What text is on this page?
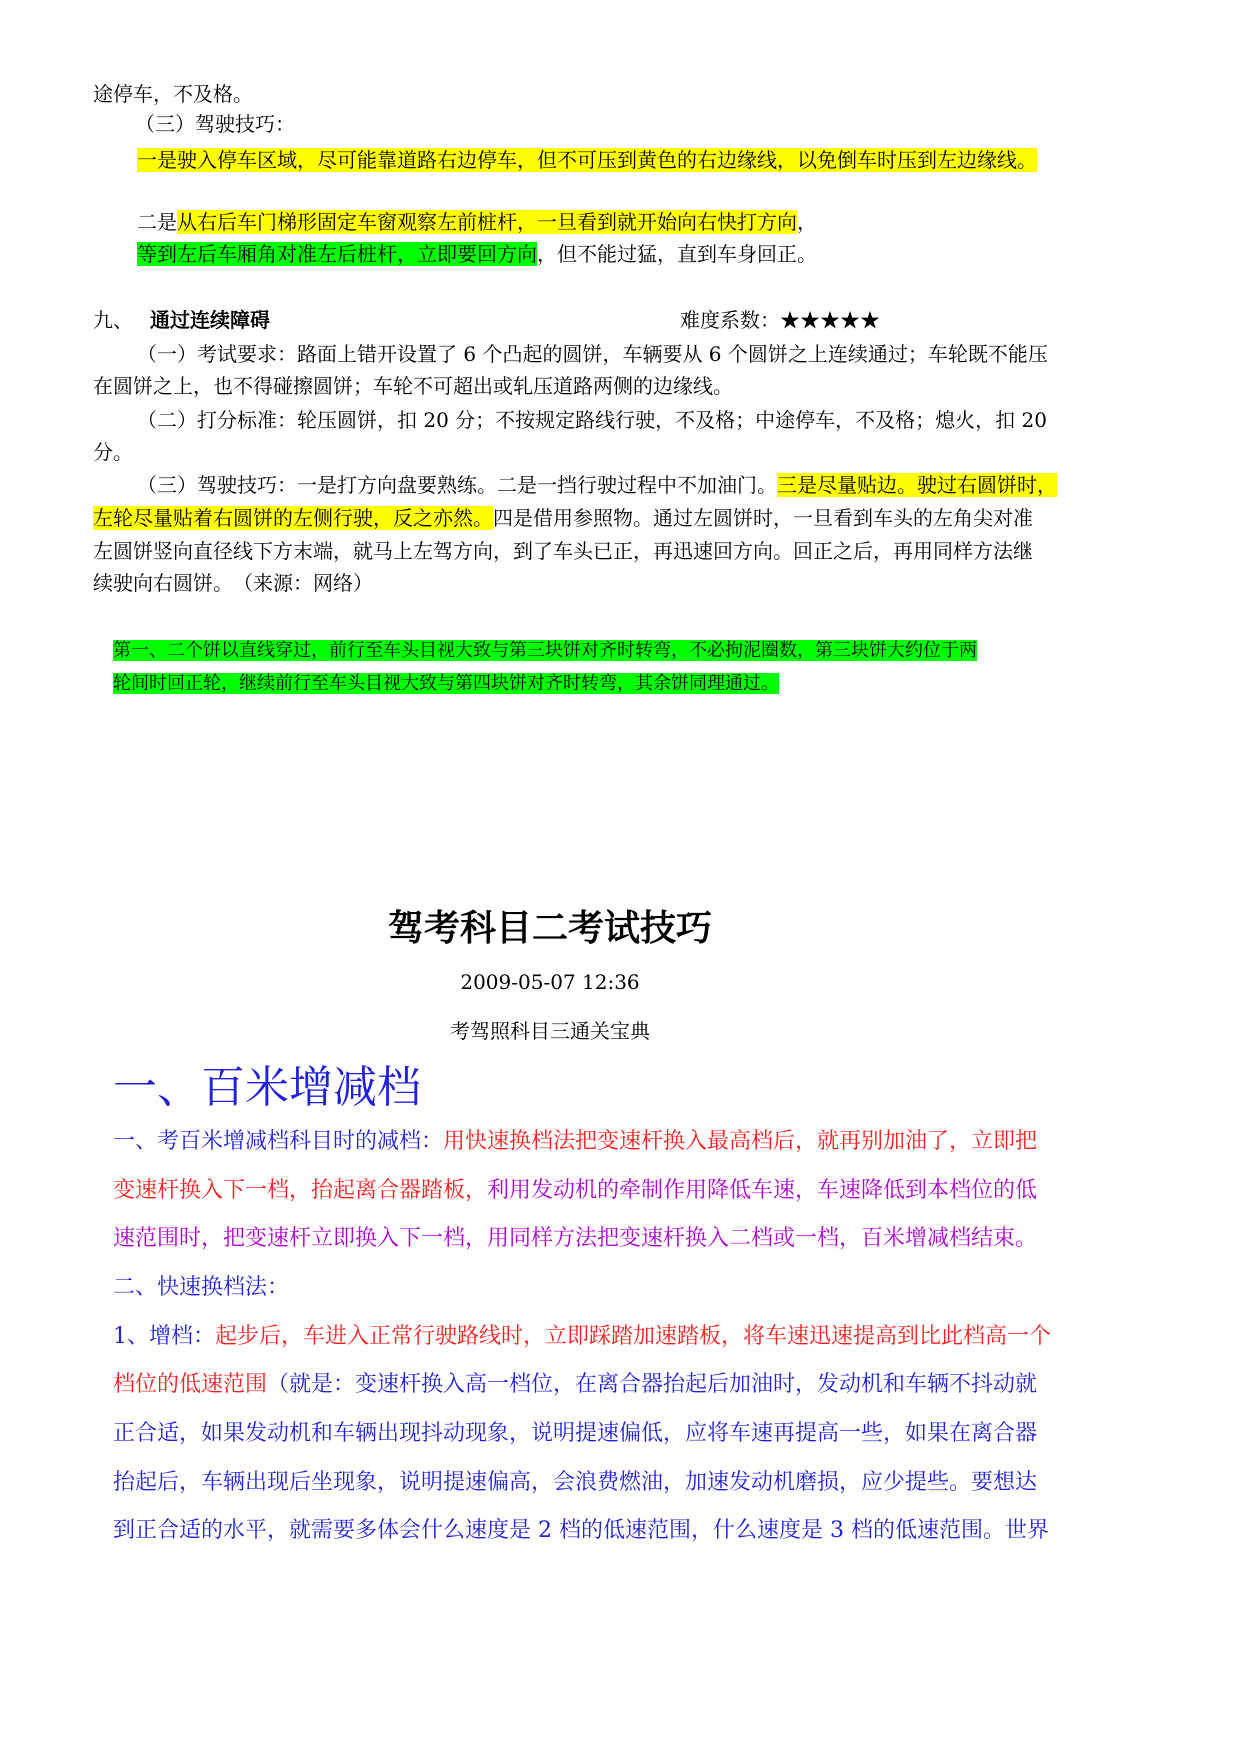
途停车，不及格。
（三）驾驶技巧：
一是驶入停车区域，尽可能靠道路右边停车，但不可压到黄色的右边缘线，以免倒车时压到左边缘线。
二是从右后车门梯形固定车窗观察左前桩杆，一旦看到就开始向右快打方向，
等到左后车厢角对准左后桩杆，立即要回方向，但不能过猛，直到车身回正。
九、 通过连续障碍	难度系数：★★★★★
（一）考试要求：路面上错开设置了 6 个凸起的圆饼，车辆要从 6 个圆饼之上连续通过；车轮既不能压
在圆饼之上，也不得碰擦圆饼；车轮不可超出或轧压道路两侧的边缘线。
（二）打分标准：轮压圆饼，扣 20 分；不按规定路线行驶，不及格；中途停车，不及格；熄火，扣 20
分。
（三）驾驶技巧：一是打方向盘要熟练。二是一挡行驶过程中不加油门。三是尽量贴边。驶过右圆饼时，
左轮尽量贴着右圆饼的左侧行驶，反之亦然。四是借用参照物。通过左圆饼时，一旦看到车头的左角尖对准
左圆饼竖向直径线下方末端，就马上左驾方向，到了车头已正，再迅速回方向。回正之后，再用同样方法继
续驶向右圆饼。　（来源：网络）
第一、二个饼以直线穿过，前行至车头目视大致与第三块饼对齐时转弯，不必拘泥圈数，第三块饼大约位于两
轮间时回正轮，继续前行至车头目视大致与第四块饼对齐时转弯，其余饼同理通过。
驾考科目二考试技巧
2009-05-07 12:36
考驾照科目三通关宝典
一、百米增减档
一、考百米增减档科目时的减档：用快速换档法把变速杆换入最高档后，就再别加油了，立即把
变速杆换入下一档，抬起离合器踏板，利用发动机的牵制作用降低车速，车速降低到本档位的低
速范围时，把变速杆立即换入下一档，用同样方法把变速杆换入二档或一档，百米增减档结束。
二、快速换档法：
1、增档：起步后，车进入正常行驶路线时，立即踩踏加速踏板，将车速迅速提高到比此档高一个
档位的低速范围（就是：变速杆换入高一档位，在离合器抬起后加油时，发动机和车辆不抖动就
正合适，如果发动机和车辆出现抖动现象，说明提速偏低，应将车速再提高一些，如果在离合器
抬起后，车辆出现后坐现象，说明提速偏高，会浪费燃油，加速发动机磨损，应少提些。要想达
到正合适的水平，就需要多体会什么速度是 2 档的低速范围，什么速度是 3 档的低速范围。世界
